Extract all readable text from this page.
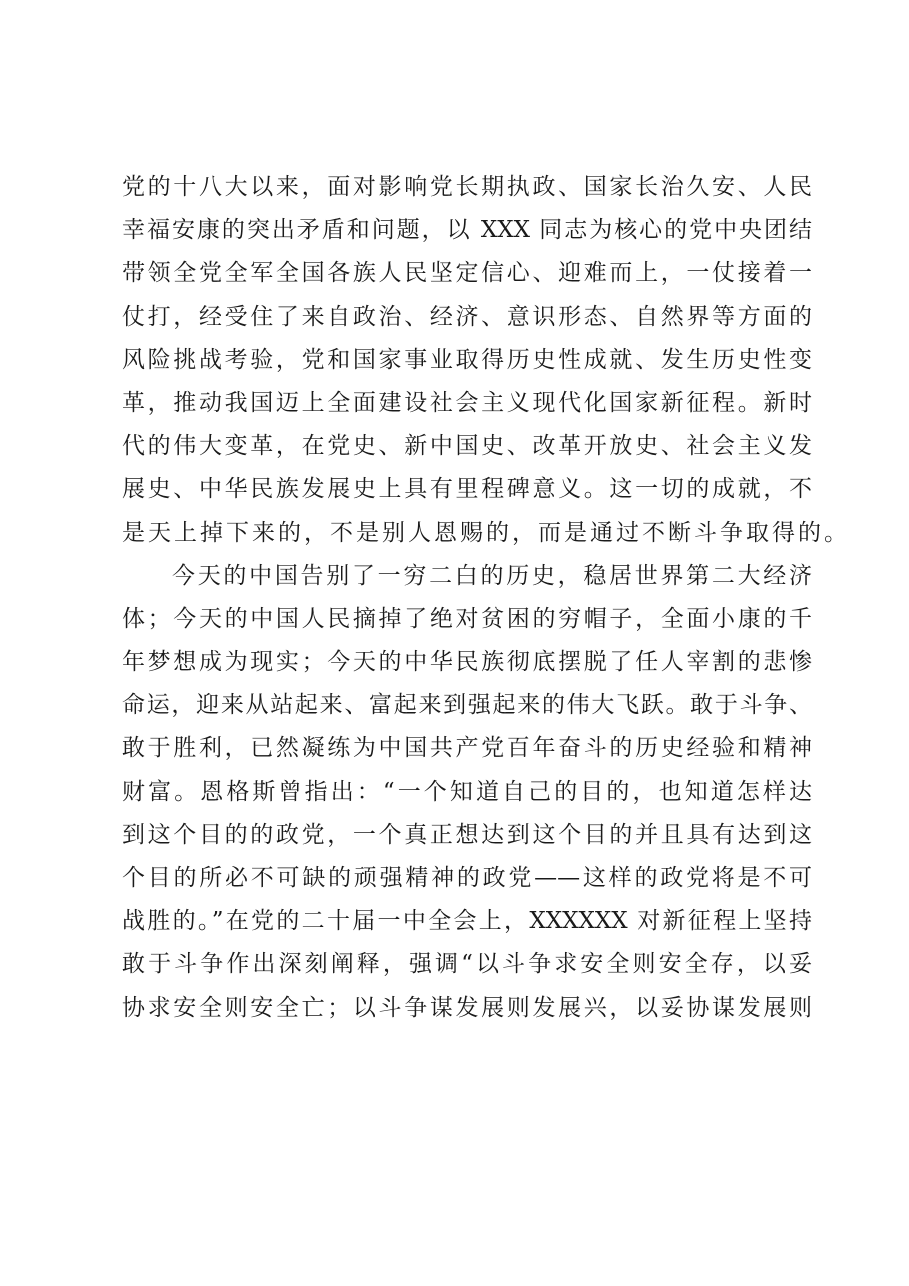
党的十八大以来，面对影响党长期执政、国家长治久安、人民
幸福安康的突出矛盾和问题，以 XXX 同志为核心的党中央团结
带领全党全军全国各族人民坚定信心、迎难而上，一仗接着一
仗打，经受住了来自政治、经济、意识形态、自然界等方面的
风险挑战考验，党和国家事业取得历史性成就、发生历史性变
革，推动我国迈上全面建设社会主义现代化国家新征程。新时
代的伟大变革，在党史、新中国史、改革开放史、社会主义发
展史、中华民族发展史上具有里程碑意义。这一切的成就，不
是天上掉下来的，不是别人恩赐的，而是通过不断斗争取得的。
今天的中国告别了一穷二白的历史，稳居世界第二大经济
体；今天的中国人民摘掉了绝对贫困的穷帽子，全面小康的千
年梦想成为现实；今天的中华民族彻底摆脱了任人宰割的悲惨
命运，迎来从站起来、富起来到强起来的伟大飞跃。敢于斗争、
敢于胜利，已然凝练为中国共产党百年奋斗的历史经验和精神
财富。恩格斯曾指出：“一个知道自己的目的，也知道怎样达
到这个目的的政党，一个真正想达到这个目的并且具有达到这
个目的所必不可缺的顽强精神的政党——这样的政党将是不可
战胜的。”在党的二十届一中全会上，XXXXXX 对新征程上坚持
敢于斗争作出深刻阐释，强调“以斗争求安全则安全存，以妥
协求安全则安全亡；以斗争谋发展则发展兴，以妥协谋发展则
